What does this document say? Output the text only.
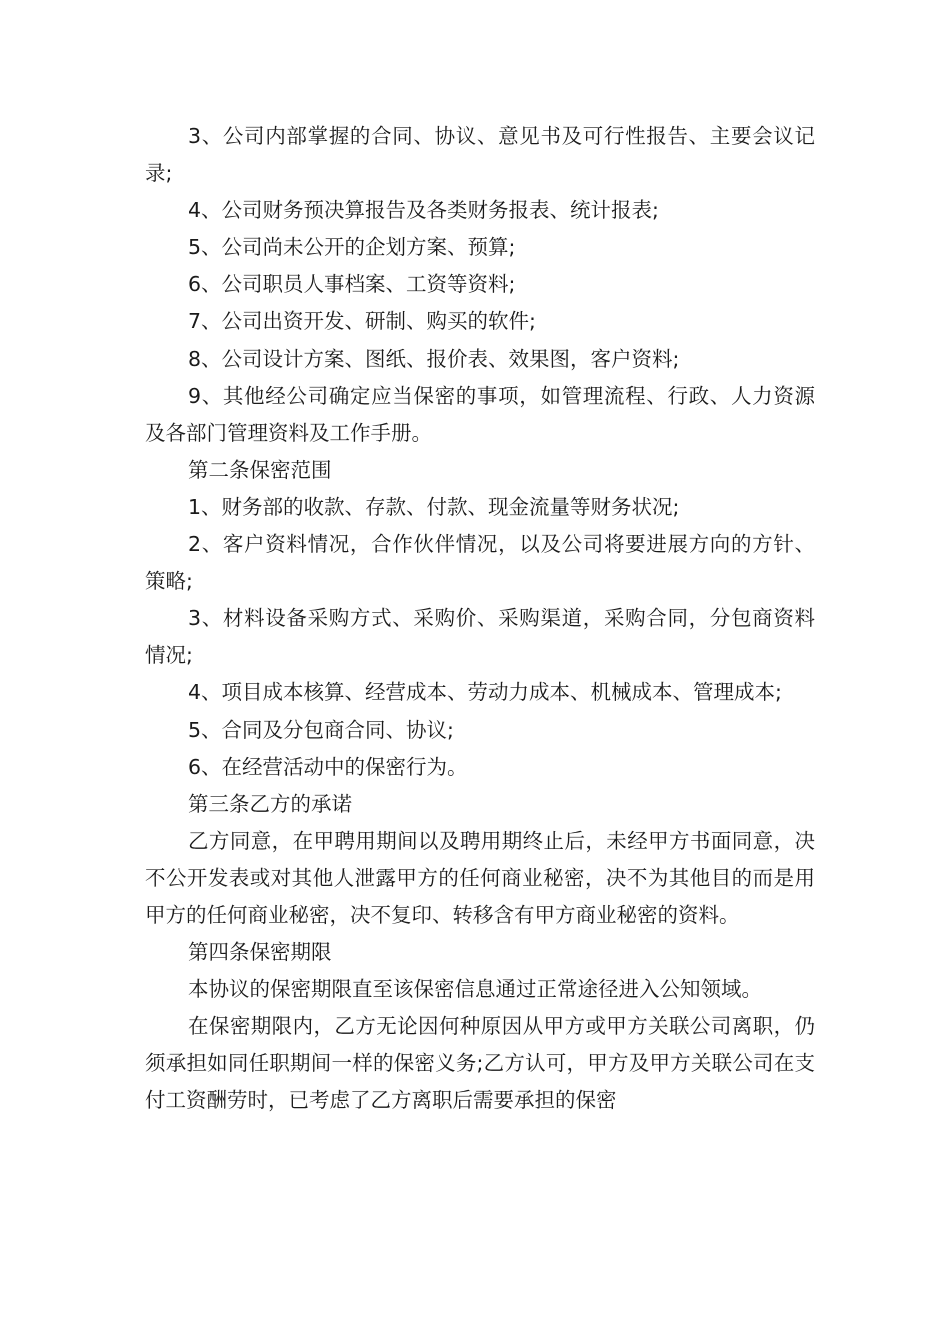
3、公司内部掌握的合同、协议、意见书及可行性报告、主要会议记录;

4、公司财务预决算报告及各类财务报表、统计报表;

5、公司尚未公开的企划方案、预算;

6、公司职员人事档案、工资等资料;

7、公司出资开发、研制、购买的软件;

8、公司设计方案、图纸、报价表、效果图，客户资料;

9、其他经公司确定应当保密的事项，如管理流程、行政、人力资源及各部门管理资料及工作手册。

第二条保密范围

1、财务部的收款、存款、付款、现金流量等财务状况;

2、客户资料情况，合作伙伴情况，以及公司将要进展方向的方针、策略;

3、材料设备采购方式、采购价、采购渠道，采购合同，分包商资料情况;

4、项目成本核算、经营成本、劳动力成本、机械成本、管理成本;

5、合同及分包商合同、协议;

6、在经营活动中的保密行为。

第三条乙方的承诺

乙方同意，在甲聘用期间以及聘用期终止后，未经甲方书面同意，决不公开发表或对其他人泄露甲方的任何商业秘密，决不为其他目的而是用甲方的任何商业秘密，决不复印、转移含有甲方商业秘密的资料。

第四条保密期限

本协议的保密期限直至该保密信息通过正常途径进入公知领域。

在保密期限内，乙方无论因何种原因从甲方或甲方关联公司离职，仍须承担如同任职期间一样的保密义务;乙方认可，甲方及甲方关联公司在支付工资酬劳时，已考虑了乙方离职后需要承担的保密
